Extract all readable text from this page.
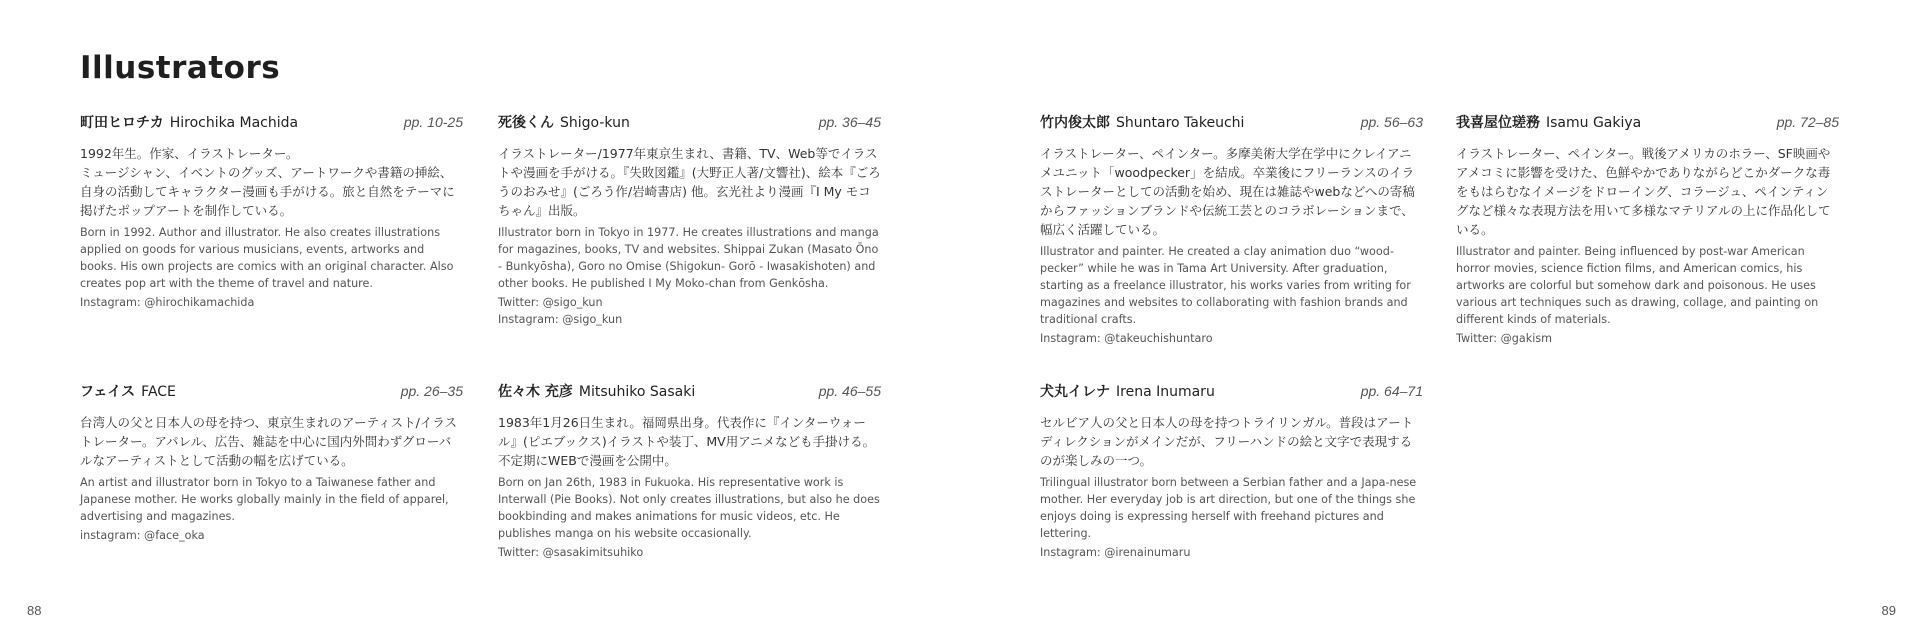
Illustrators
町田ヒロチカ Hirochika Machida	pp. 10-25

1992年生。作家、イラストレーター。
ミュージシャン、イベントのグッズ、アートワークや書籍の挿絵、自身の活動してキャラクター漫画も手がける。旅と自然をテーマに掲げたポップアートを制作している。

Born in 1992. Author and illustrator. He also creates illustrations applied on goods for various musicians, events, artworks and books. His own projects are comics with an original character. Also creates pop art with the theme of travel and nature.

Instagram: @hirochikamachida

死後くん Shigo-kun	pp. 36–45

イラストレーター/1977年東京生まれ、書籍、TV、Web等でイラストや漫画を手がける。『失敗図鑑』(大野正人著/文響社)、絵本『ごろうのおみせ』(ごろう作/岩崎書店) 他。玄光社より漫画『I My モコちゃん』出版。

Illustrator born in Tokyo in 1977. He creates illustrations and manga for magazines, books, TV and websites. Shippai Zukan (Masato Ōno - Bunkyōsha), Goro no Omise (Shigokun- Gorō - Iwasakishoten) and other books. He published I My Moko-chan from Genkōsha.

Twitter: @sigo_kun

Instagram: @sigo_kun

竹内俊太郎 Shuntaro Takeuchi	pp. 56–63

イラストレーター、ペインター。多摩美術大学在学中にクレイアニメユニット「woodpecker」を結成。卒業後にフリーランスのイラストレーターとしての活動を始め、現在は雑誌やwebなどへの寄稿からファッションブランドや伝統工芸とのコラボレーションまで、幅広く活躍している。

Illustrator and painter. He created a clay animation duo “wood-pecker” while he was in Tama Art University. After graduation, starting as a freelance illustrator, his works varies from writing for magazines and websites to collaborating with fashion brands and traditional crafts.

Instagram: @takeuchishuntaro

我喜屋位瑳務 Isamu Gakiya	pp. 72–85

イラストレーター、ペインター。戦後アメリカのホラー、SF映画やアメコミに影響を受けた、色鮮やかでありながらどこかダークな毒をもはらむなイメージをドローイング、コラージュ、ペインティングなど様々な表現方法を用いて多様なマテリアルの上に作品化している。

Illustrator and painter. Being influenced by post-war American horror movies, science fiction films, and American comics, his artworks are colorful but somehow dark and poisonous. He uses various art techniques such as drawing, collage, and painting on different kinds of materials.

Twitter: @gakism

フェイス FACE	pp. 26–35

台湾人の父と日本人の母を持つ、東京生まれのアーティスト/イラストレーター。アパレル、広告、雑誌を中心に国内外問わずグローバルなアーティストとして活動の幅を広げている。

An artist and illustrator born in Tokyo to a Taiwanese father and Japanese mother. He works globally mainly in the field of apparel, advertising and magazines.

instagram: @face_oka

佐々木 充彦 Mitsuhiko Sasaki	pp. 46–55

1983年1月26日生まれ。福岡県出身。代表作に『インターウォール』(ピエブックス)イラストや装丁、MV用アニメなども手掛ける。不定期にWEBで漫画を公開中。

Born on Jan 26th, 1983 in Fukuoka. His representative work is Interwall (Pie Books). Not only creates illustrations, but also he does bookbinding and makes animations for music videos, etc. He publishes manga on his website occasionally.

Twitter: @sasakimitsuhiko

犬丸イレナ Irena Inumaru	pp. 64–71

セルビア人の父と日本人の母を持つトライリンガル。普段はアートディレクションがメインだが、フリーハンドの絵と文字で表現するのが楽しみの一つ。

Trilingual illustrator born between a Serbian father and a Japa-nese mother. Her everyday job is art direction, but one of the things she enjoys doing is expressing herself with freehand pictures and lettering.

Instagram: @irenainumaru

88	89
